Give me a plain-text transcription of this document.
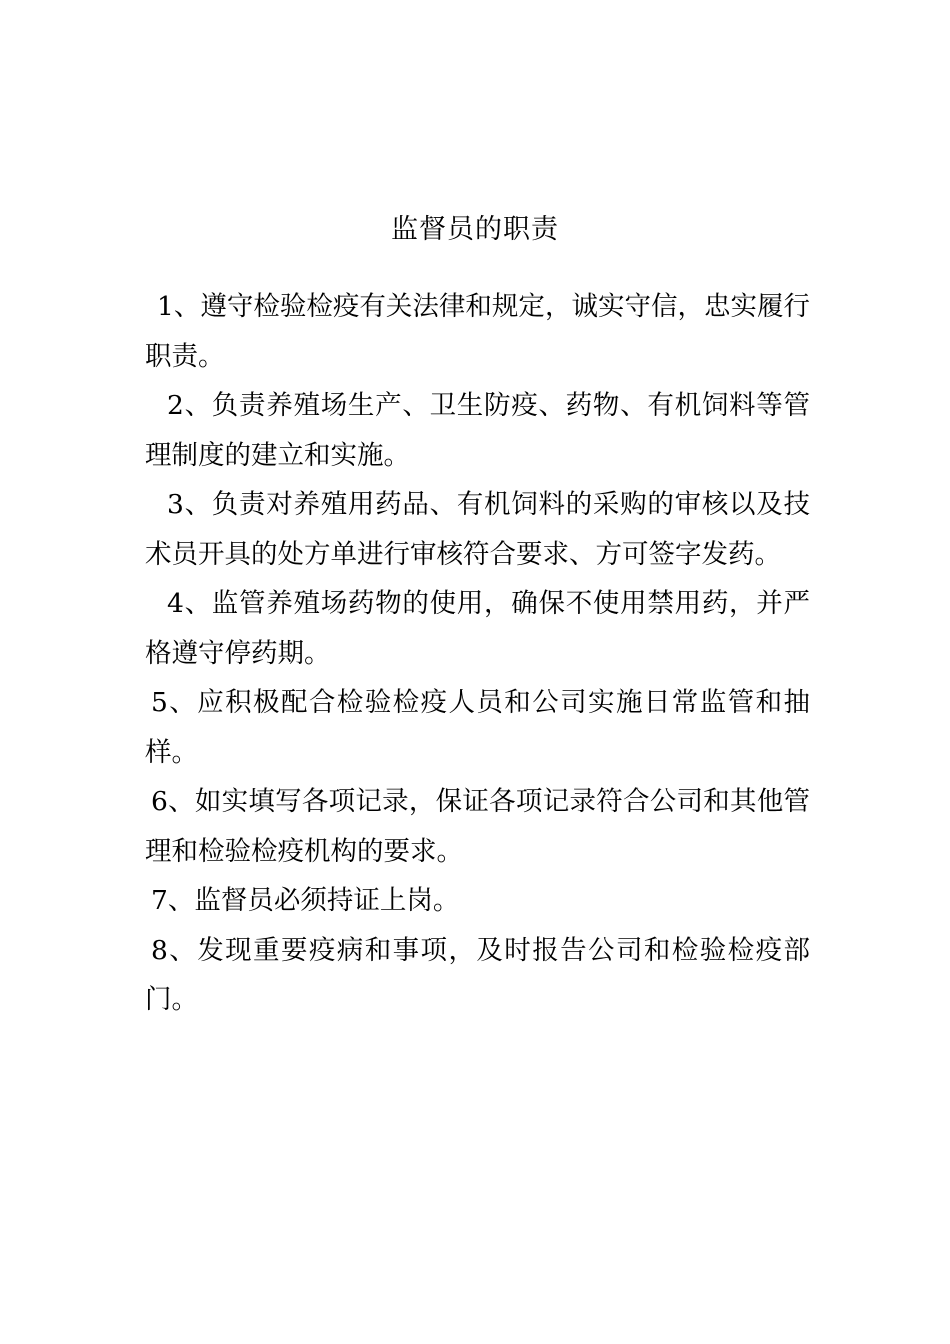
监督员的职责

1、遵守检验检疫有关法律和规定，诚实守信，忠实履行职责。

2、负责养殖场生产、卫生防疫、药物、有机饲料等管理制度的建立和实施。

3、负责对养殖用药品、有机饲料的采购的审核以及技术员开具的处方单进行审核符合要求、方可签字发药。

4、监管养殖场药物的使用，确保不使用禁用药，并严格遵守停药期。

5、应积极配合检验检疫人员和公司实施日常监管和抽样。

6、如实填写各项记录，保证各项记录符合公司和其他管理和检验检疫机构的要求。

7、监督员必须持证上岗。

8、发现重要疫病和事项，及时报告公司和检验检疫部门。
